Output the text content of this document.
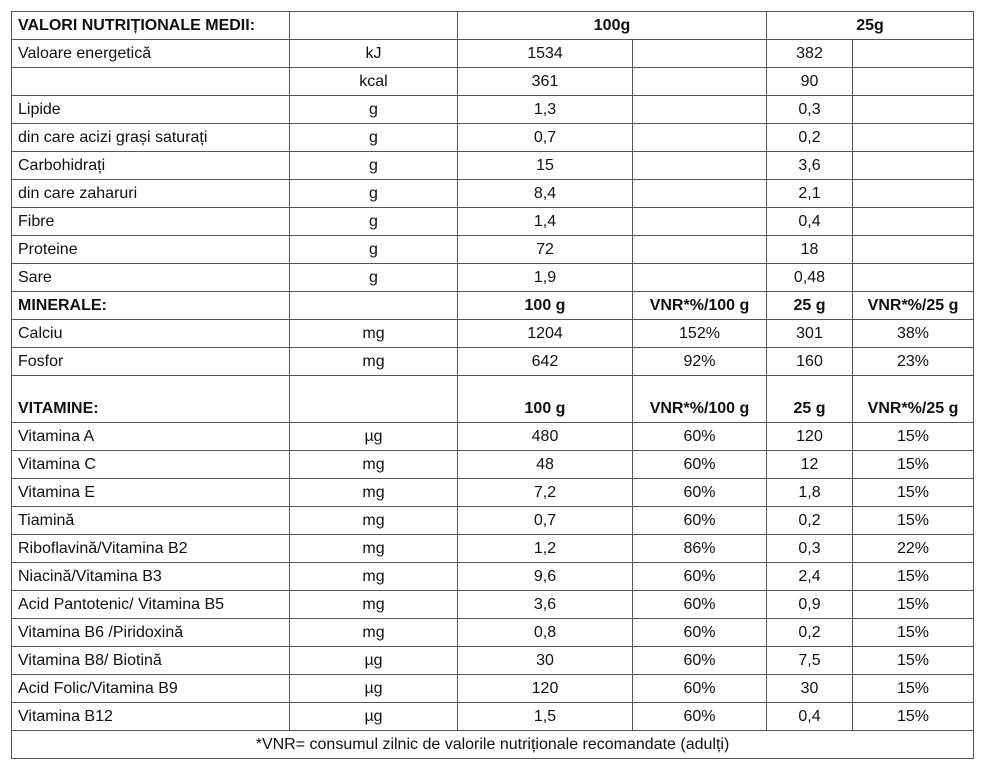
VALORI NUTRIȚIONALE MEDII:		100g		25g	
Valoare energetică	kJ	1534		382	
	kcal	361		90	
Lipide	g	1,3		0,3	
din care acizi grași saturați	g	0,7		0,2	
Carbohidrați	g	15		3,6	
din care zaharuri	g	8,4		2,1	
Fibre	g	1,4		0,4	
Proteine	g	72		18	
Sare	g	1,9		0,48	
MINERALE:		100 g	VNR*%/100 g	25 g	VNR*%/25 g
Calciu	mg	1204	152%	301	38%
Fosfor	mg	642	92%	160	23%
VITAMINE:		100 g	VNR*%/100 g	25 g	VNR*%/25 g
Vitamina A	µg	480	60%	120	15%
Vitamina C	mg	48	60%	12	15%
Vitamina E	mg	7,2	60%	1,8	15%
Tiamină	mg	0,7	60%	0,2	15%
Riboflavină/Vitamina B2	mg	1,2	86%	0,3	22%
Niacină/Vitamina B3	mg	9,6	60%	2,4	15%
Acid Pantotenic/ Vitamina B5	mg	3,6	60%	0,9	15%
Vitamina B6 /Piridoxină	mg	0,8	60%	0,2	15%
Vitamina B8/ Biotină	µg	30	60%	7,5	15%
Acid Folic/Vitamina B9	µg	120	60%	30	15%
Vitamina B12	µg	1,5	60%	0,4	15%
*VNR= consumul zilnic de valorile nutriționale recomandate (adulți)					
